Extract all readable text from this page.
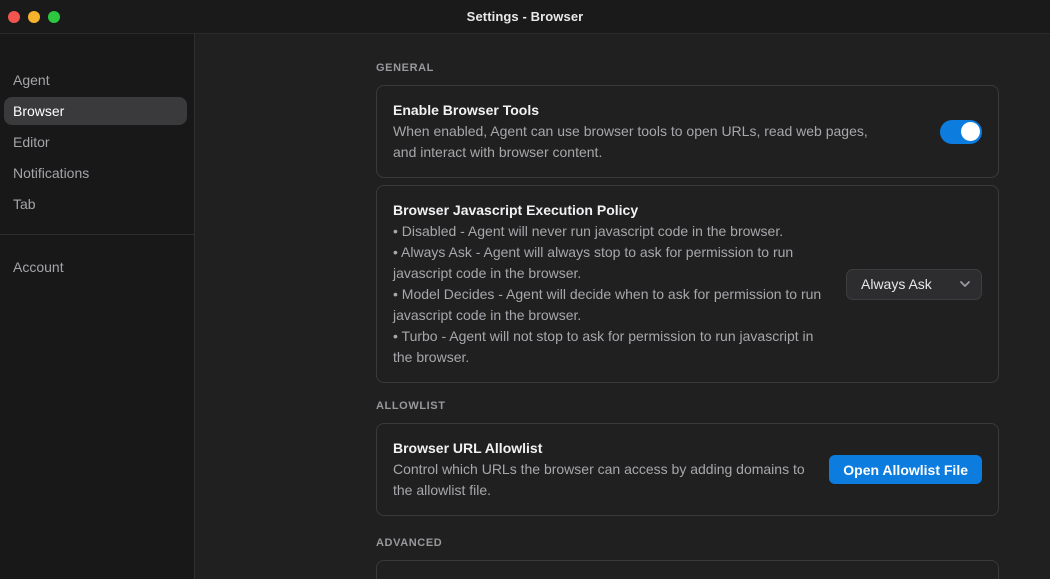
Settings - Browser
Agent
Browser
Editor
Notifications
Tab
Account
GENERAL
Enable Browser Tools
When enabled, Agent can use browser tools to open URLs, read web pages, and interact with browser content.
Browser Javascript Execution Policy
• Disabled - Agent will never run javascript code in the browser.
• Always Ask - Agent will always stop to ask for permission to run javascript code in the browser.
• Model Decides - Agent will decide when to ask for permission to run javascript code in the browser.
• Turbo - Agent will not stop to ask for permission to run javascript in the browser.
Always Ask
ALLOWLIST
Browser URL Allowlist
Control which URLs the browser can access by adding domains to the allowlist file.
Open Allowlist File
ADVANCED
